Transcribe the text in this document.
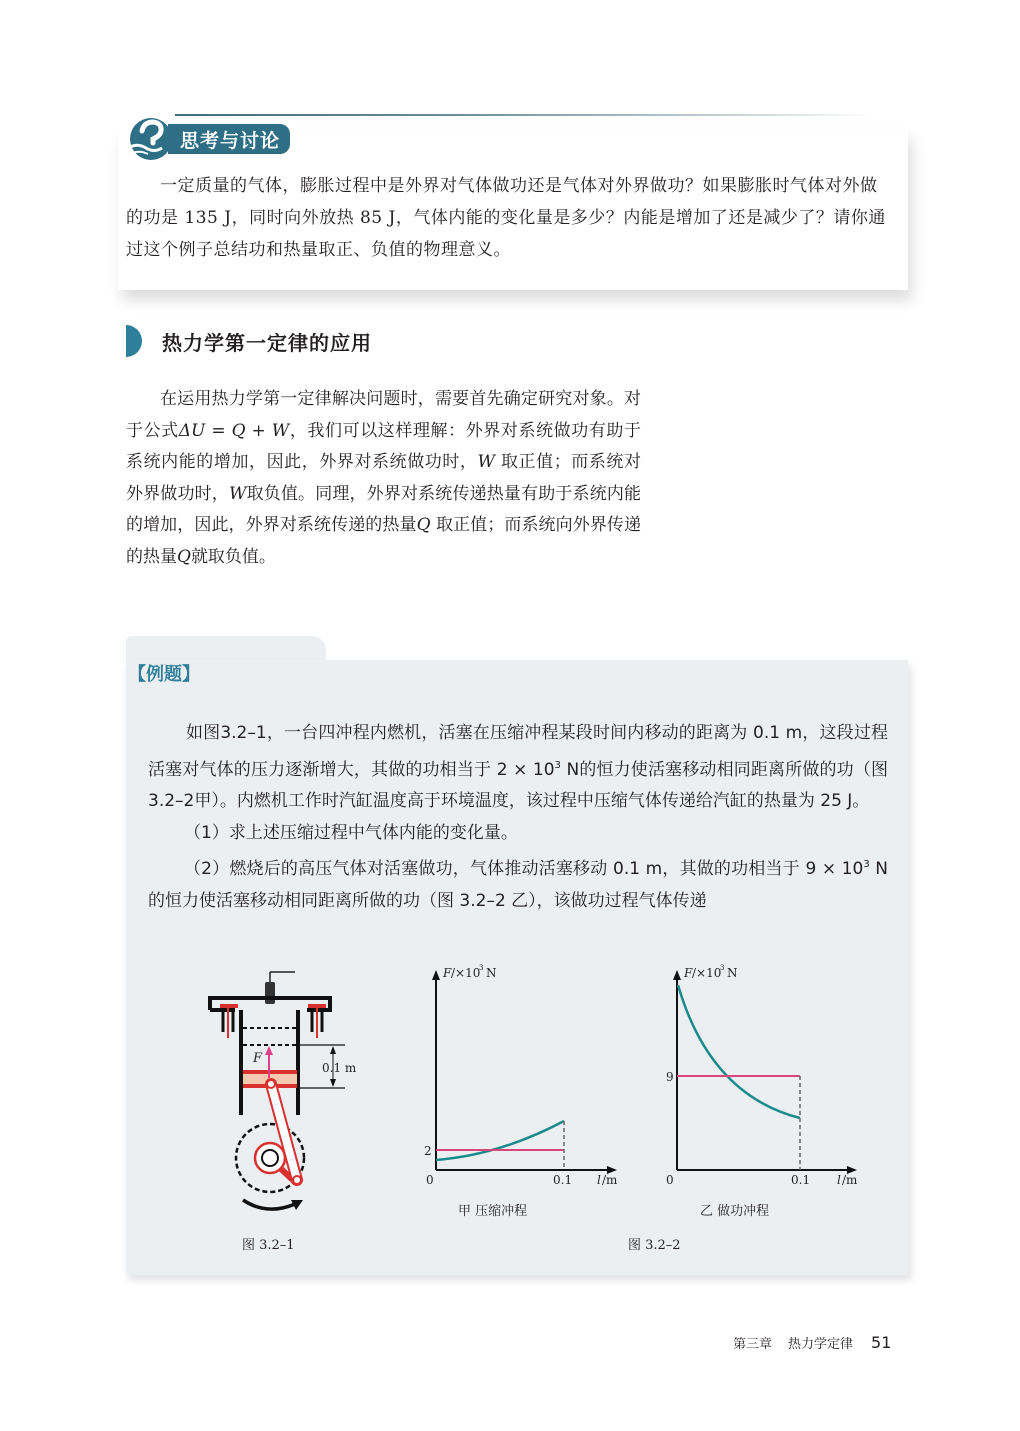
思考与讨论
一定质量的气体，膨胀过程中是外界对气体做功还是气体对外界做功？如果膨胀时气体对外做的功是 135 J，同时向外放热 85 J，气体内能的变化量是多少？内能是增加了还是减少了？请你通过这个例子总结功和热量取正、负值的物理意义。
热力学第一定律的应用
在运用热力学第一定律解决问题时，需要首先确定研究对象。对于公式ΔU = Q + W，我们可以这样理解：外界对系统做功有助于系统内能的增加，因此，外界对系统做功时，W 取正值；而系统对外界做功时，W取负值。同理，外界对系统传递热量有助于系统内能的增加，因此，外界对系统传递的热量Q 取正值；而系统向外界传递的热量Q就取负值。
【例题】

如图3.2–1，一台四冲程内燃机，活塞在压缩冲程某段时间内移动的距离为 0.1 m，这段过程活塞对气体的压力逐渐增大，其做的功相当于 $2 \times 10^3$ N的恒力使活塞移动相同距离所做的功（图3.2–2甲）。内燃机工作时汽缸温度高于环境温度，该过程中压缩气体传递给汽缸的热量为 25 J。

（1）求上述压缩过程中气体内能的变化量。

（2）燃烧后的高压气体对活塞做功，气体推动活塞移动 0.1 m，其做的功相当于 $9 \times 10^3$ N 的恒力使活塞移动相同距离所做的功（图 3.2–2 乙），该做功过程气体传递

0.1 m
F
图 3.2–1
F /×10
3 N
2
0	0.1 l /m
甲 压缩冲程
F /×10
3 N
9
0	0.1 l /m
乙 做功冲程
图 3.2–2
第三章 热力学定律 51
